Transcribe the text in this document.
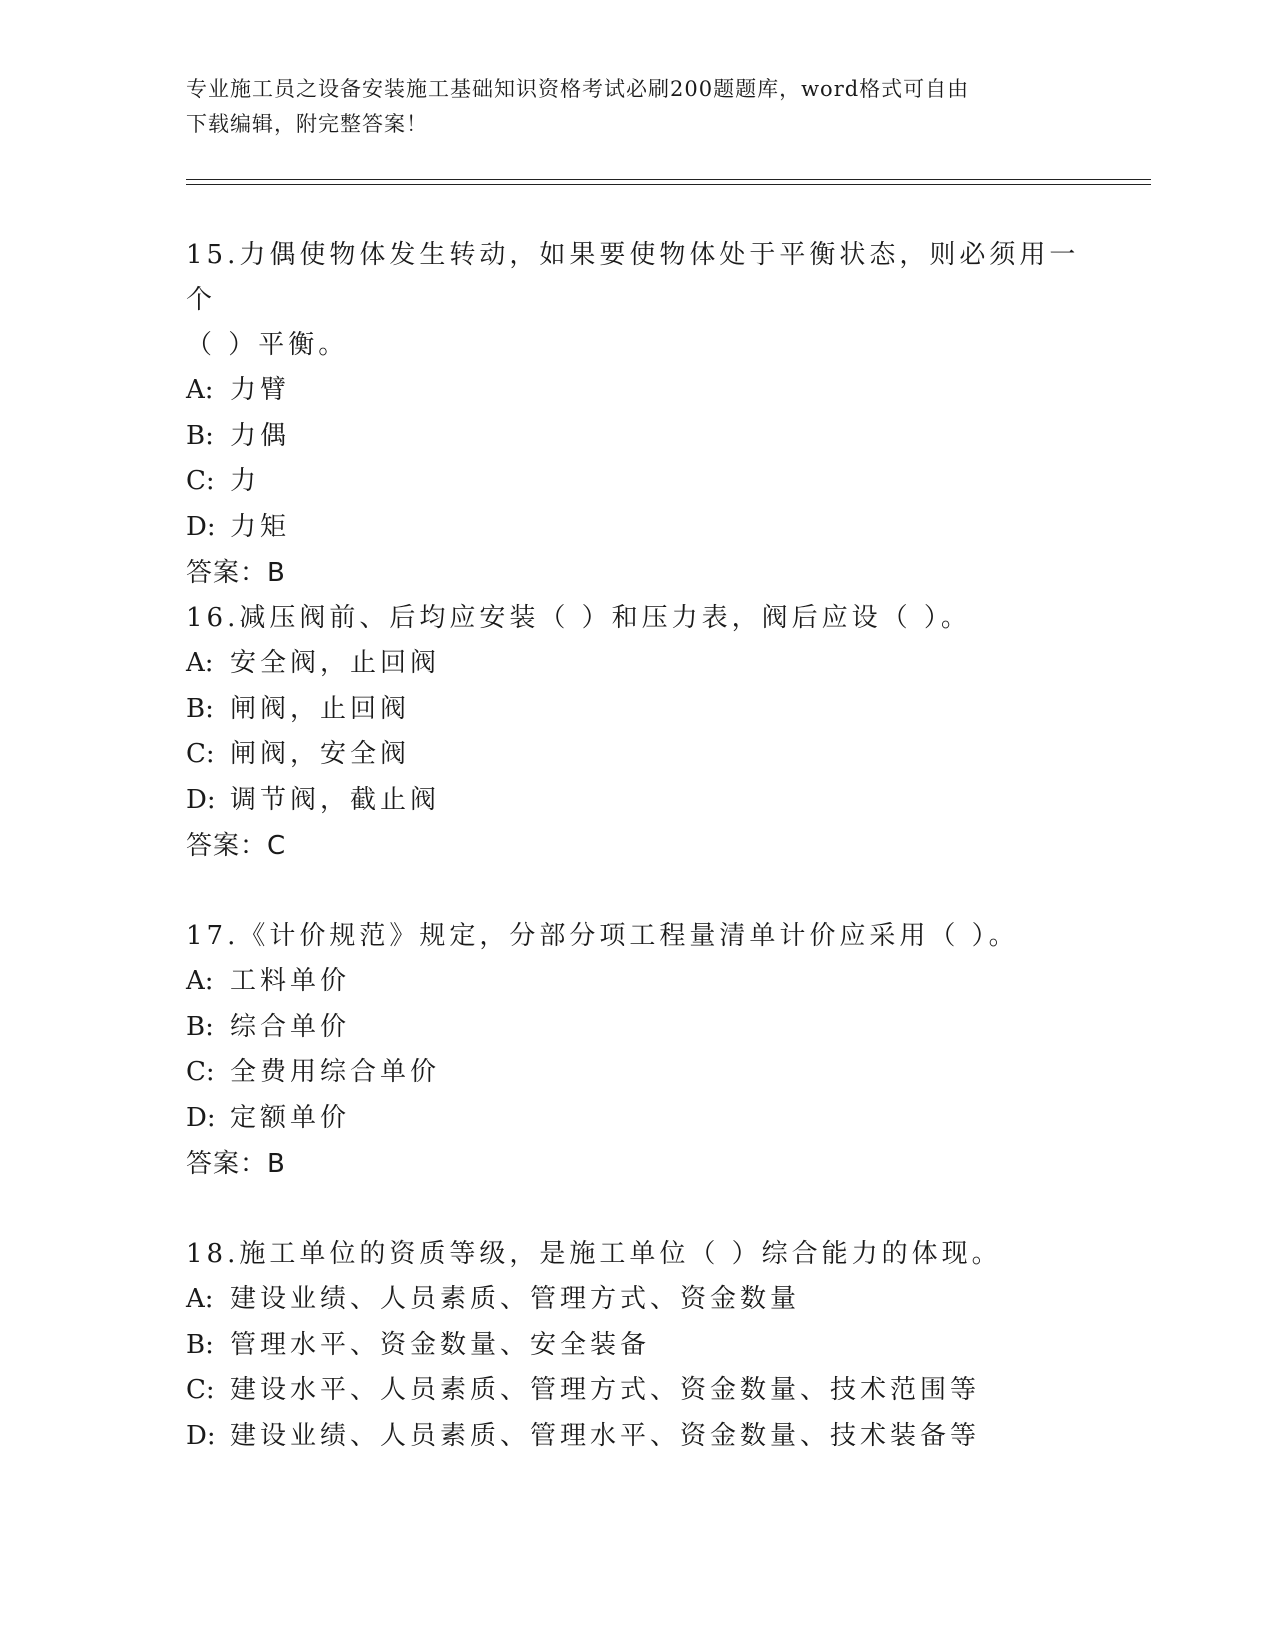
专业施工员之设备安装施工基础知识资格考试必刷200题题库，word格式可自由
下载编辑，附完整答案！

15.力偶使物体发生转动，如果要使物体处于平衡状态，则必须用一个

（ ）平衡。

A: 力臂

B: 力偶

C: 力

D: 力矩

答案：B

16.减压阀前、后均应安装（ ）和压力表，阀后应设（ ）。

A: 安全阀，止回阀

B: 闸阀，止回阀

C: 闸阀，安全阀

D: 调节阀，截止阀

答案：C

17.《计价规范》规定，分部分项工程量清单计价应采用（ ）。

A: 工料单价

B: 综合单价

C: 全费用综合单价

D: 定额单价

答案：B

18.施工单位的资质等级，是施工单位（ ）综合能力的体现。

A: 建设业绩、人员素质、管理方式、资金数量

B: 管理水平、资金数量、安全装备

C: 建设水平、人员素质、管理方式、资金数量、技术范围等

D: 建设业绩、人员素质、管理水平、资金数量、技术装备等
